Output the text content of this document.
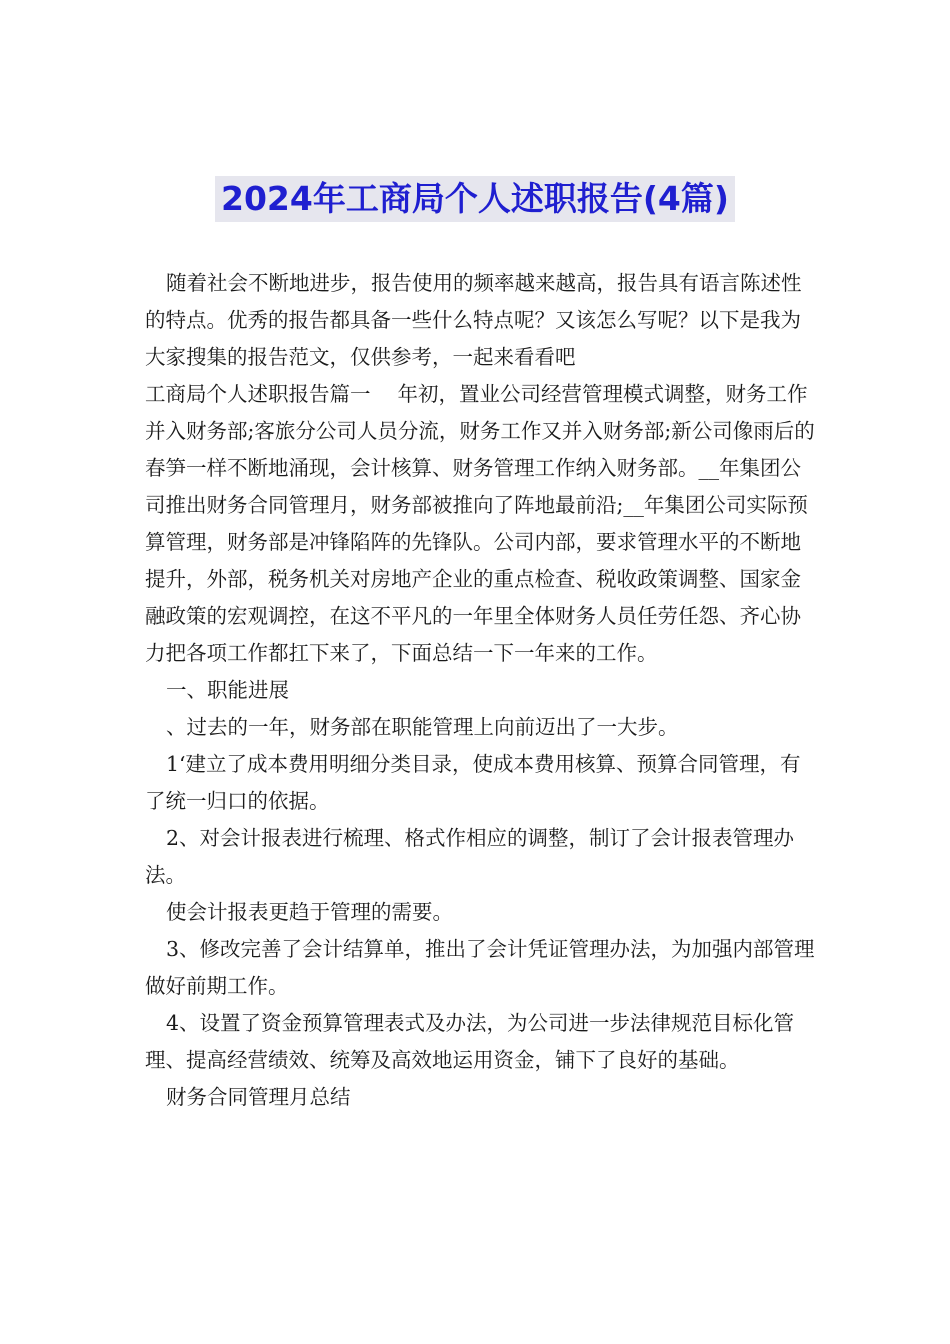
2024年工商局个人述职报告(4篇)

随着社会不断地进步，报告使用的频率越来越高，报告具有语言陈述性的特点。优秀的报告都具备一些什么特点呢？又该怎么写呢？以下是我为大家搜集的报告范文，仅供参考，一起来看看吧

工商局个人述职报告篇一　 年初，置业公司经营管理模式调整，财务工作并入财务部;客旅分公司人员分流，财务工作又并入财务部;新公司像雨后的春笋一样不断地涌现，会计核算、财务管理工作纳入财务部。__年集团公司推出财务合同管理月，财务部被推向了阵地最前沿;__年集团公司实际预算管理，财务部是冲锋陷阵的先锋队。公司内部，要求管理水平的不断地提升，外部，税务机关对房地产企业的重点检查、税收政策调整、国家金融政策的宏观调控，在这不平凡的一年里全体财务人员任劳任怨、齐心协力把各项工作都扛下来了，下面总结一下一年来的工作。

一、职能进展

、过去的一年，财务部在职能管理上向前迈出了一大步。

1‘建立了成本费用明细分类目录，使成本费用核算、预算合同管理，有了统一归口的依据。

2、对会计报表进行梳理、格式作相应的调整，制订了会计报表管理办法。

使会计报表更趋于管理的需要。

3、修改完善了会计结算单，推出了会计凭证管理办法，为加强内部管理做好前期工作。

4、设置了资金预算管理表式及办法，为公司进一步法律规范目标化管理、提高经营绩效、统筹及高效地运用资金，铺下了良好的基础。

财务合同管理月总结
